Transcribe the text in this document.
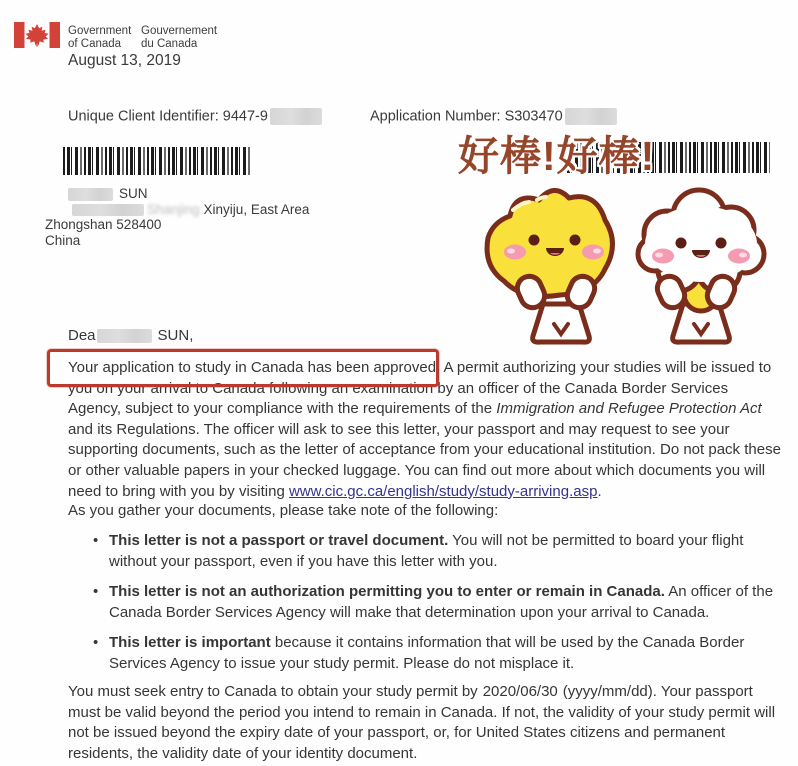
Government
of Canada
Gouvernement
du Canada
August 13, 2019
Unique Client Identifier: 9447-9	Application Number: S303470
SUN
Shanjing Xinyiju, East Area
Zhongshan 528400
China
好棒!好棒!
Dea	SUN,
Your application to study in Canada has been approved. A permit authorizing your studies will be issued to you on your arrival to Canada following an examination by an officer of the Canada Border Services Agency, subject to your compliance with the requirements of the Immigration and Refugee Protection Act and its Regulations. The officer will ask to see this letter, your passport and may request to see your supporting documents, such as the letter of acceptance from your educational institution. Do not pack these or other valuable papers in your checked luggage. You can find out more about which documents you will need to bring with you by visiting www.cic.gc.ca/english/study/study-arriving.asp.
As you gather your documents, please take note of the following:
• This letter is not a passport or travel document. You will not be permitted to board your flight without your passport, even if you have this letter with you.
• This letter is not an authorization permitting you to enter or remain in Canada. An officer of the Canada Border Services Agency will make that determination upon your arrival to Canada.
• This letter is important because it contains information that will be used by the Canada Border Services Agency to issue your study permit. Please do not misplace it.
You must seek entry to Canada to obtain your study permit by 2020/06/30 (yyyy/mm/dd). Your passport must be valid beyond the period you intend to remain in Canada. If not, the validity of your study permit will not be issued beyond the expiry date of your passport, or, for United States citizens and permanent residents, the validity date of your identity document.
